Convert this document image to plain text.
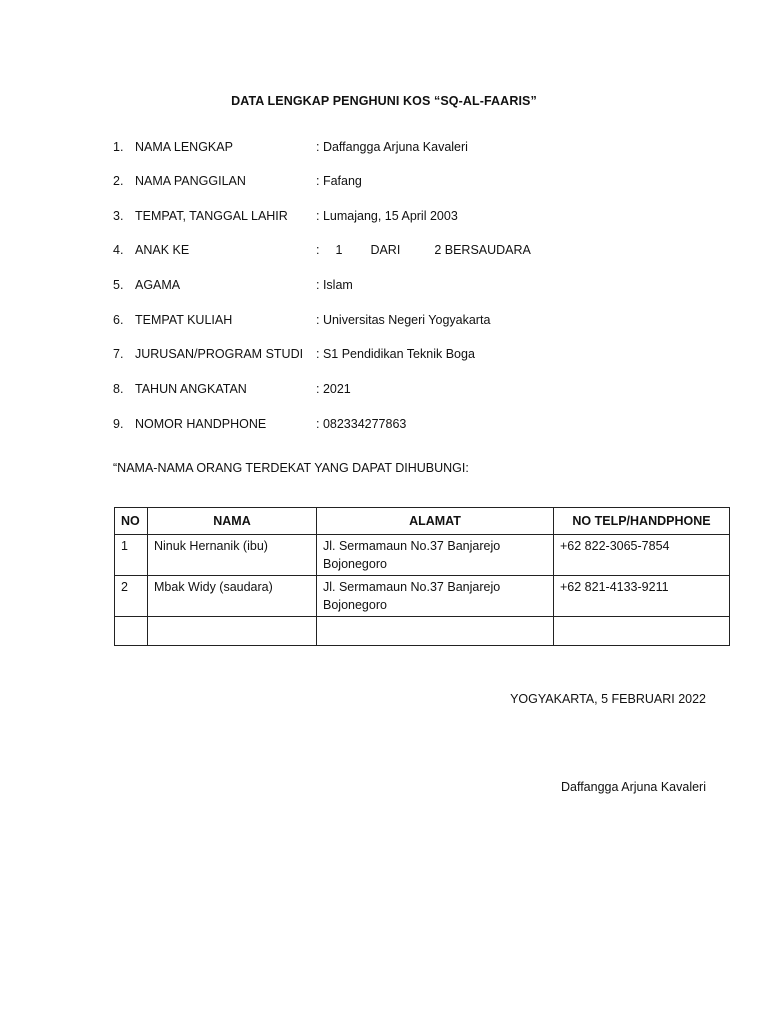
DATA LENGKAP PENGHUNI KOS “SQ-AL-FAARIS”
1. NAMA LENGKAP	: Daffangga Arjuna Kavaleri
2. NAMA PANGGILAN	: Fafang
3. TEMPAT, TANGGAL LAHIR : Lumajang, 15 April 2003
4. ANAK KE	: 1 DARI	2 BERSAUDARA
5. AGAMA	: Islam
6. TEMPAT KULIAH	: Universitas Negeri Yogyakarta
7. JURUSAN/PROGRAM STUDI : S1 Pendidikan Teknik Boga
8. TAHUN ANGKATAN	: 2021
9. NOMOR HANDPHONE	: 082334277863
“NAMA-NAMA ORANG TERDEKAT YANG DAPAT DIHUBUNGI:
NO	NAMA	ALAMAT	NO TELP/HANDPHONE
1	Ninuk Hernanik (ibu)	Jl. Sermamaun No.37 Banjarejo
Bojonegoro	+62 822-3065-7854
2	Mbak Widy (saudara)	Jl. Sermamaun No.37 Banjarejo
Bojonegoro	+62 821-4133-9211

YOGYAKARTA, 5 FEBRUARI 2022
Daffangga Arjuna Kavaleri
